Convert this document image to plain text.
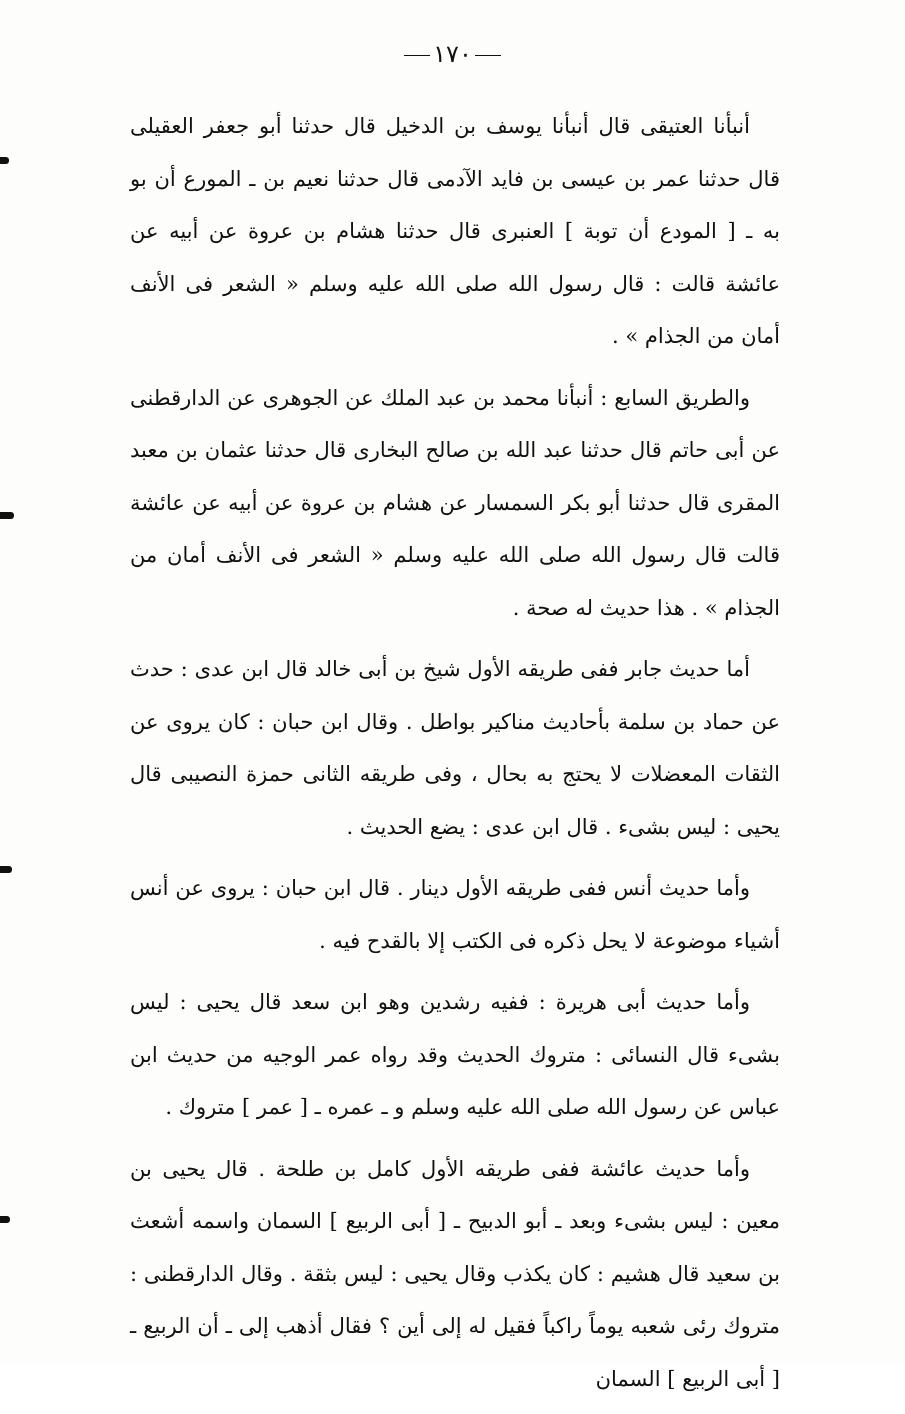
١٧٠

أنبأنا العتيقى قال أنبأنا يوسف بن الدخيل قال حدثنا أبو جعفر العقيلى قال حدثنا عمر بن عيسى بن فايد الآدمى قال حدثنا نعيم بن ـ المورع أن بو به ـ [ المودع أن توبة ] العنبرى قال حدثنا هشام بن عروة عن أبيه عن عائشة قالت : قال رسول الله صلى الله عليه وسلم « الشعر فى الأنف أمان من الجذام » .

والطريق السابع : أنبأنا محمد بن عبد الملك عن الجوهرى عن الدارقطنى عن أبى حاتم قال حدثنا عبد الله بن صالح البخارى قال حدثنا عثمان بن معبد المقرى قال حدثنا أبو بكر السمسار عن هشام بن عروة عن أبيه عن عائشة قالت قال رسول الله صلى الله عليه وسلم « الشعر فى الأنف أمان من الجذام » . هذا حديث له صحة .

أما حديث جابر ففى طريقه الأول شيخ بن أبى خالد قال ابن عدى : حدث عن حماد بن سلمة بأحاديث مناكير بواطل . وقال ابن حبان : كان يروى عن الثقات المعضلات لا يحتج به بحال ، وفى طريقه الثانى حمزة النصيبى قال يحيى : ليس بشىء . قال ابن عدى : يضع الحديث .

وأما حديث أنس ففى طريقه الأول دينار . قال ابن حبان : يروى عن أنس أشياء موضوعة لا يحل ذكره فى الكتب إلا بالقدح فيه .

وأما حديث أبى هريرة : ففيه رشدين وهو ابن سعد قال يحيى : ليس بشىء قال النسائى : متروك الحديث وقد رواه عمر الوجيه من حديث ابن عباس عن رسول الله صلى الله عليه وسلم و ـ عمره ـ [ عمر ] متروك .

وأما حديث عائشة ففى طريقه الأول كامل بن طلحة . قال يحيى بن معين : ليس بشىء وبعد ـ أبو الدبيح ـ [ أبى الربيع ] السمان واسمه أشعث بن سعيد قال هشيم : كان يكذب وقال يحيى : ليس بثقة . وقال الدارقطنى : متروك رئى شعبه يوماً راكباً فقيل له إلى أين ؟ فقال أذهب إلى ـ أن الربيع ـ [ أبى الربيع ] السمان
